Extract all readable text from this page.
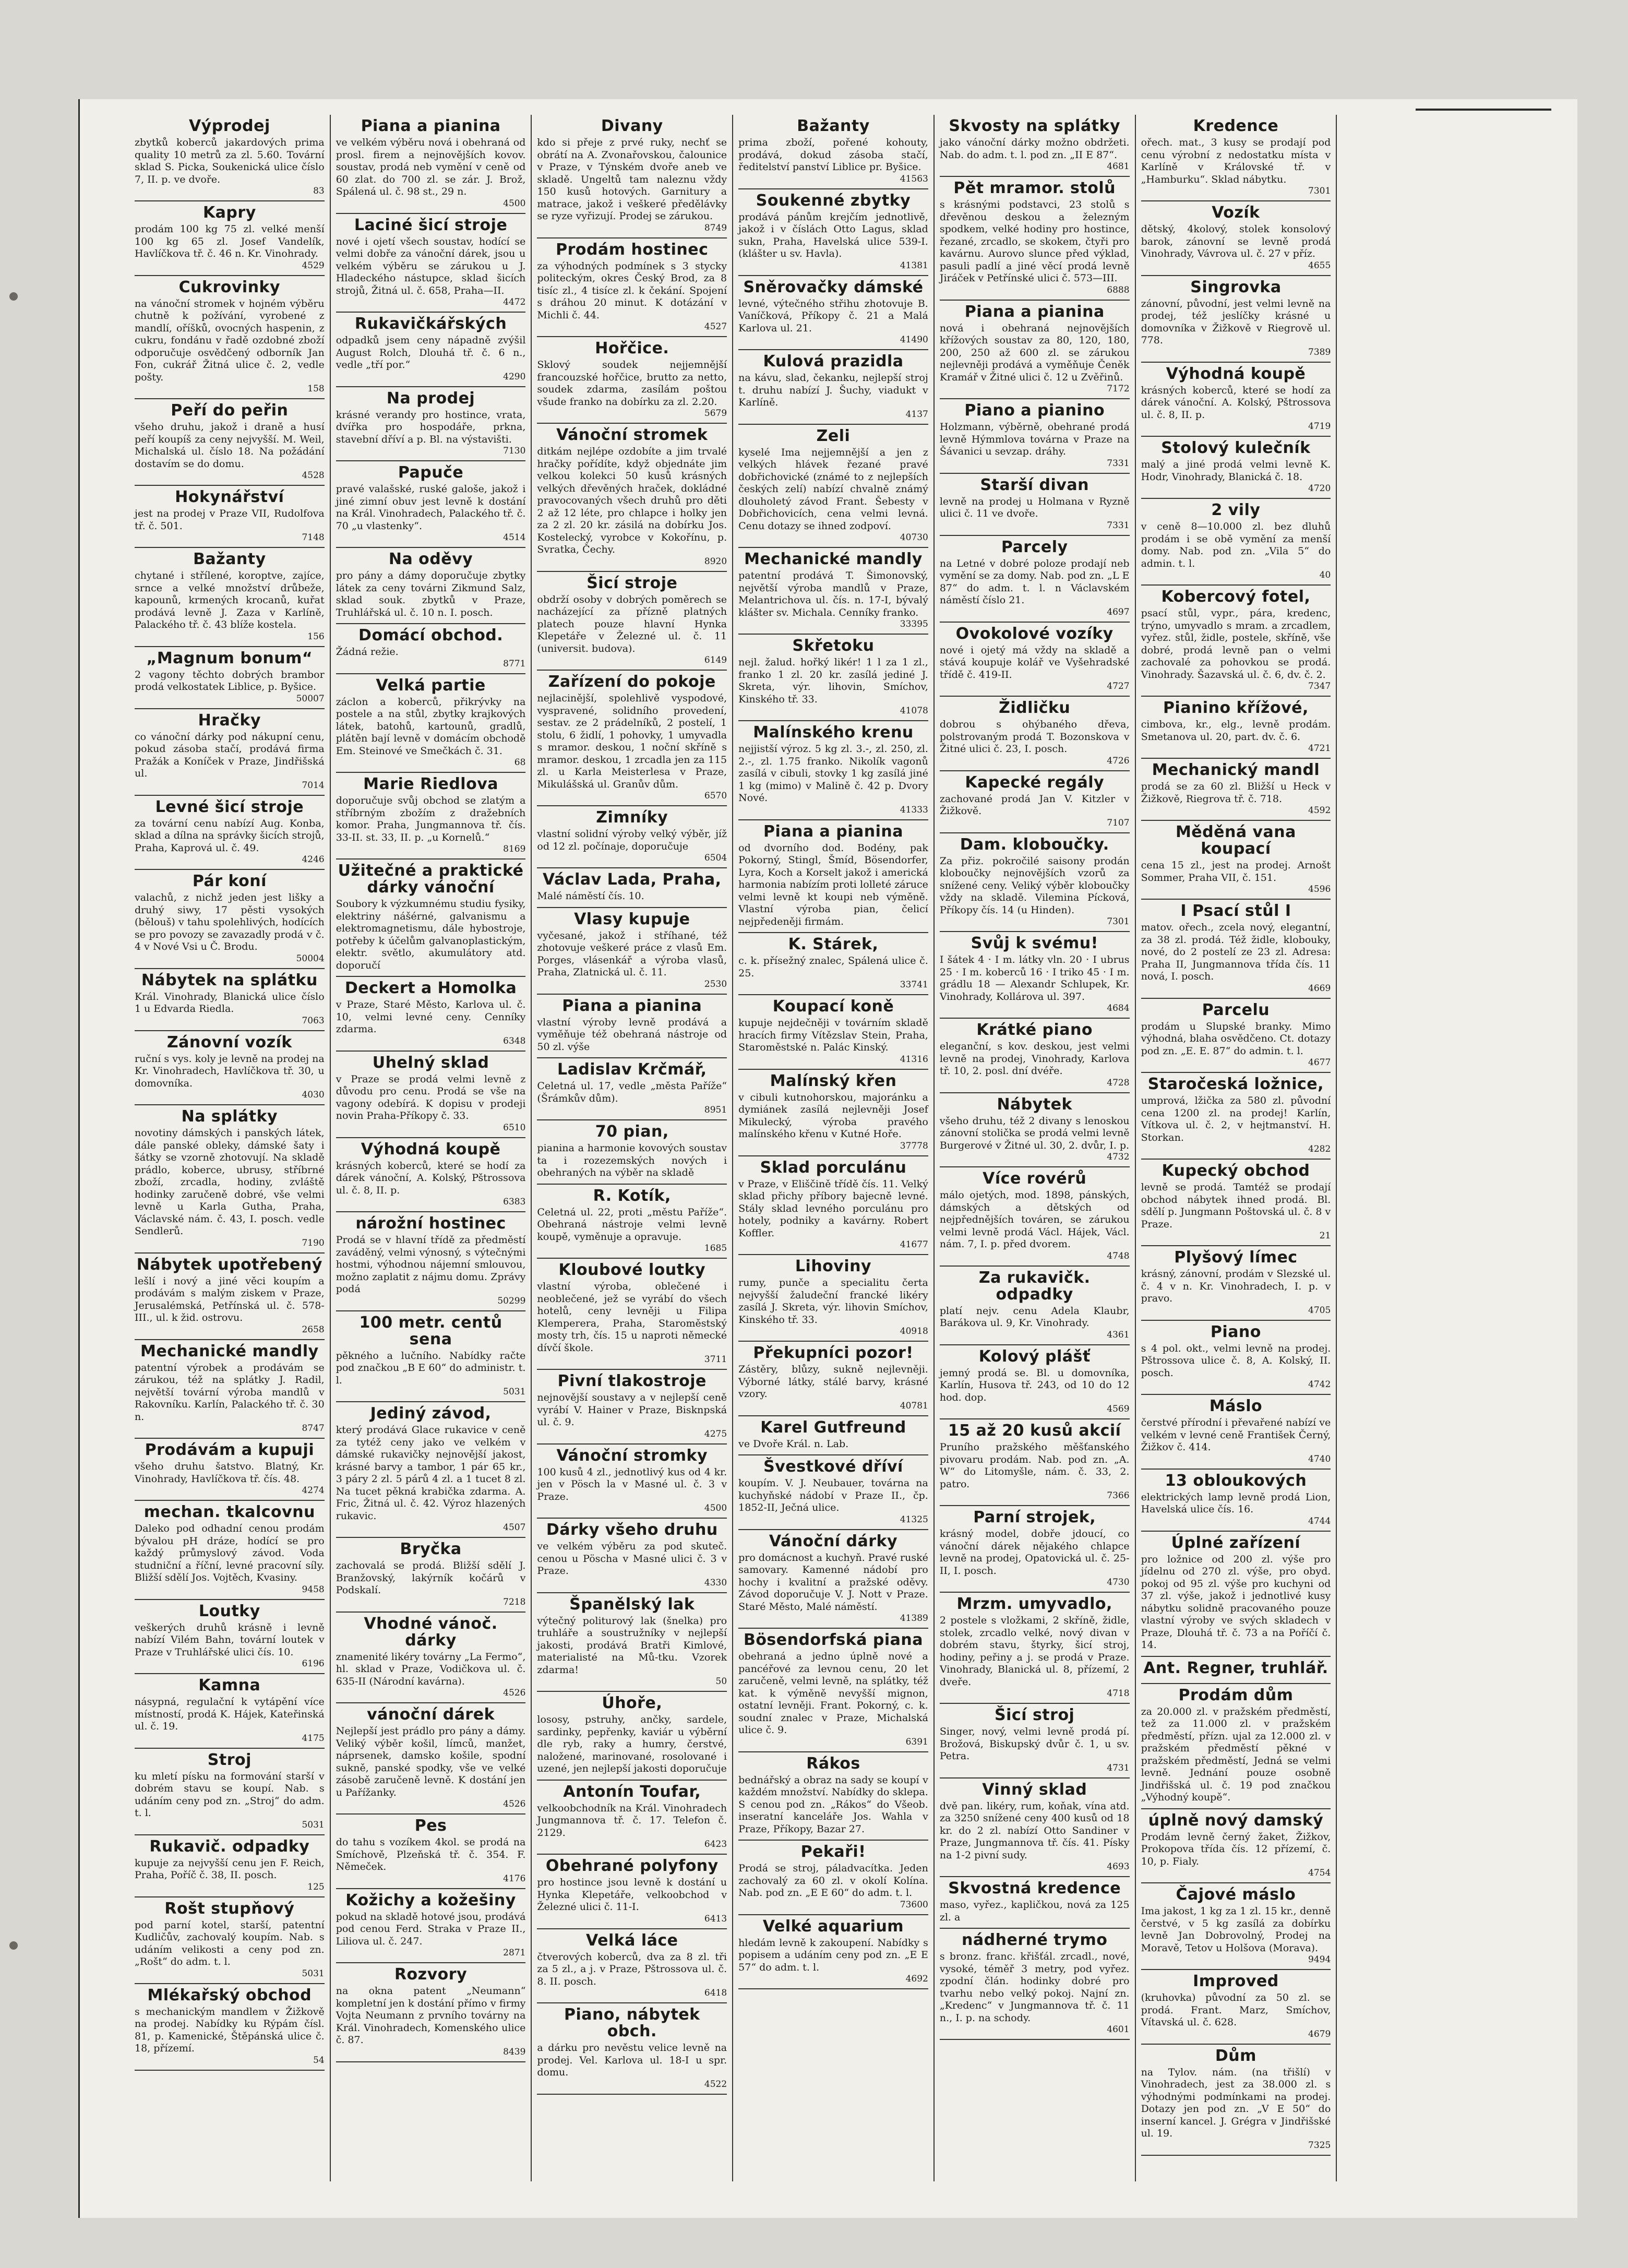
Výprodej

zbytků koberců jakardových prima quality 10 metrů za zl. 5.60. Tovární sklad S. Picka, Soukenická ulice číslo 7, II. p. ve dvoře.

83
Kapry

prodám 100 kg 75 zl. velké menší 100 kg 65 zl. Josef Vandelík, Havlíčkova tř. č. 46 n. Kr. Vinohrady.

4529
Cukrovinky

na vánoční stromek v hojném výběru chutně k požívání, vyrobené z mandlí, oříšků, ovocných haspenin, z cukru, fondánu v řadě ozdobné zboží odporučuje osvědčený odborník Jan Fon, cukrář Žitná ulice č. 2, vedle pošty.

158
Peří do peřin

všeho druhu, jakož i draně a husí peří koupíš za ceny nejvyšší. M. Weil, Michalská ul. číslo 18. Na požádání dostavím se do domu.

4528
Hokynářství

jest na prodej v Praze VII, Rudolfova tř. č. 501.

7148
Bažanty

chytané i střílené, koroptve, zajíce, srnce a velké množství drůbeže, kapounů, krmených krocanů, kuřat prodává levně J. Zaza v Karlíně, Palackého tř. č. 43 blíže kostela.

156
„Magnum bonum“

2 vagony těchto dobrých brambor prodá velkostatek Liblice, p. Byšice.

50007
Hračky

co vánoční dárky pod nákupní cenu, pokud zásoba stačí, prodává firma Pražák a Koníček v Praze, Jindřišská ul.

7014
Levné šicí stroje

za tovární cenu nabízí Aug. Konba, sklad a dílna na správky šicích strojů, Praha, Kaprová ul. č. 49.

4246
Pár koní

valachů, z nichž jeden jest lišky a druhý siwy, 17 pěsti vysokých (bělouš) v tahu spolehlivých, hodících se pro povozy se zavazadly prodá v č. 4 v Nové Vsi u Č. Brodu.

50004
Nábytek na splátku

Král. Vinohrady, Blanická ulice číslo 1 u Edvarda Riedla.

7063
Zánovní vozík

ruční s vys. koly je levně na prodej na Kr. Vinohradech, Havlíčkova tř. 30, u domovníka.

4030
Na splátky

novotiny dámských i panských látek, dále panské obleky, dámské šaty i šátky se vzorně zhotovují. Na skladě prádlo, koberce, ubrusy, stříbrné zboží, zrcadla, hodiny, zvláště hodinky zaručeně dobré, vše velmi levně u Karla Gutha, Praha, Václavské nám. č. 43, I. posch. vedle Sendlerů.

7190
Nábytek upotřebený

lešlí i nový a jiné věci koupím a prodávám s malým ziskem v Praze, Jerusalémská, Petřínská ul. č. 578-III., ul. k žid. ostrovu.

2658
Mechanické mandly

patentní výrobek a prodávám se zárukou, též na splátky J. Radil, největší tovární výroba mandlů v Rakovníku. Karlín, Palackého tř. č. 30 n.

8747
Prodávám a kupuji

všeho druhu šatstvo. Blatný, Kr. Vinohrady, Havlíčkova tř. čís. 48.

4274
mechan. tkalcovnu

Daleko pod odhadní cenou prodám bývalou pH dráze, hodící se pro každý průmyslový závod. Voda studniční a říční, levné pracovní síly. Bližší sdělí Jos. Vojtěch, Kvasiny.

9458
Loutky

veškerých druhů krásně i levně nabízí Vilém Bahn, tovární loutek v Praze v Truhlářské ulici čís. 10.

6196
Kamna

násypná, regulační k vytápění více místností, prodá K. Hájek, Kateřinská ul. č. 19.

4175
Stroj

ku mletí písku na formování starší v dobrém stavu se koupí. Nab. s udáním ceny pod zn. „Stroj“ do adm. t. l.

5031
Rukavič. odpadky

kupuje za nejvyšší cenu jen F. Reich, Praha, Poříč č. 38, II. posch.

125
Rošt stupňový

pod parní kotel, starší, patentní Kudličův, zachovalý koupím. Nab. s udáním velikosti a ceny pod zn. „Rošt“ do adm. t. l.

5031
Mlékařský obchod

s mechanickým mandlem v Žižkově na prodej. Nabídky ku Rýpám čísl. 81, p. Kamenické, Štěpánská ulice č. 18, přízemí.

54
Piana a pianina

ve velkém výběru nová i obehraná od prosl. firem a nejnovějších kovov. soustav, prodá neb vymění v ceně od 60 zlat. do 700 zl. se zár. J. Brož, Spálená ul. č. 98 st., 29 n.

4500
Laciné šicí stroje

nové i ojetí všech soustav, hodící se velmi dobře za vánoční dárek, jsou u velkém výběru se zárukou u J. Hladeckého nástupce, sklad šicích strojů, Žitná ul. č. 658, Praha—II.

4472
Rukavičkářských

odpadků jsem ceny nápadně zvýšil August Rolch, Dlouhá tř. č. 6 n., vedle „tří por.“

4290
Na prodej

krásné verandy pro hostince, vrata, dvířka pro hospodáře, prkna, stavební dříví a p. Bl. na výstavišti.

7130
Papuče

pravé valašské, ruské galoše, jakož i jiné zimní obuv jest levně k dostání na Král. Vinohradech, Palackého tř. č. 70 „u vlastenky“.

4514
Na oděvy

pro pány a dámy doporučuje zbytky látek za ceny továrni Zikmund Salz, sklad souk. zbytků v Praze, Truhlářská ul. č. 10 n. I. posch.

Domácí obchod.

Žádná režie.

8771
Velká partie

záclon a koberců, přikrývky na postele a na stůl, zbytky krajkových látek, batohů, kartounů, gradlů, plátěn bají levně v domácím obchodě Em. Steinové ve Smečkách č. 31.

68
Marie Riedlova

doporučuje svůj obchod se zlatým a stříbrným zbožím z dražebních komor. Praha, Jungmannova tř. čís. 33-II. st. 33, II. p. „u Kornelů.“

8169
Užitečné a praktické dárky vánoční

Soubory k výzkumnému studiu fysiky, elektriny nášérné, galvanismu a elektromagnetismu, dále hybostroje, potřeby k účelům galvanoplastickým, elektr. světlo, akumulátory atd. doporučí

Deckert a Homolka

v Praze, Staré Město, Karlova ul. č. 10, velmi levné ceny. Cenníky zdarma.

6348
Uhelný sklad

v Praze se prodá velmi levně z důvodu pro cenu. Prodá se vše na vagony odebírá. K dopisu v prodeji novin Praha-Příkopy č. 33.

6510
Výhodná koupě

krásných koberců, které se hodí za dárek vánoční, A. Kolský, Pštrossova ul. č. 8, II. p.

6383
nárožní hostinec

Prodá se v hlavní třídě za předměstí zaváděný, velmi výnosný, s výtečnými hostmi, výhodnou nájemní smlouvou, možno zaplatit z nájmu domu. Zprávy podá

50299
100 metr. centů sena

pěkného a lučního. Nabídky račte pod značkou „B E 60“ do administr. t. l.

5031
Jediný závod,

který prodává Glace rukavice v ceně za tytéž ceny jako ve velkém v dámské rukavičky nejnovější jakost, krásné barvy a tambor, 1 pár 65 kr., 3 páry 2 zl. 5 párů 4 zl. a 1 tucet 8 zl. Na tucet pěkná krabička zdarma. A. Fric, Žitná ul. č. 42. Výroz hlazených rukavic.

4507
Bryčka

zachovalá se prodá. Bližší sdělí J. Branžovský, lakýrník kočárů v Podskalí.

7218
Vhodné vánoč. dárky

znamenité likéry továrny „La Fermo“, hl. sklad v Praze, Vodičkova ul. č. 635-II (Národní kavárna).

4526
vánoční dárek

Nejlepší jest prádlo pro pány a dámy. Veliký výběr košil, límců, manžet, náprsenek, damsko košile, spodní sukně, panské spodky, vše ve velké zásobě zaručeně levně. K dostání jen u Pařížanky.

4526
Pes

do tahu s vozíkem 4kol. se prodá na Smíchově, Plzeňská tř. č. 354. F. Němeček.

4176
Kožichy a kožešiny

pokud na skladě hotové jsou, prodává pod cenou Ferd. Straka v Praze II., Liliova ul. č. 247.

2871
Rozvory

na okna patent „Neumann“ kompletní jen k dostání přímo v firmy Vojta Neumann z prvního továrny na Král. Vinohradech, Komenského ulice č. 87.

8439
Divany

kdo si přeje z prvé ruky, nechť se obrátí na A. Zvonařovskou, čalounice v Praze, v Týnském dvoře aneb ve skladě. Ungeltů tam naleznu vždy 150 kusů hotových. Garnitury a matrace, jakož i veškeré předělávky se ryze vyřizují. Prodej se zárukou.

8749
Prodám hostinec

za výhodných podmínek s 3 stycky politeckým, okres Český Brod, za 8 tisíc zl., 4 tisíce zl. k čekání. Spojení s dráhou 20 minut. K dotázání v Michli č. 44.

4527
Hořčice.

Sklový soudek nejjemnější francouzské hořčice, brutto za netto, soudek zdarma, zasílám poštou všude franko na dobírku za zl. 2.20.

5679
Vánoční stromek

ditkám nejlépe ozdobíte a jim trvalé hračky pořídíte, když objednáte jim velkou kolekci 50 kusů krásných velkých dřevěných hraček, dokládné pravocovaných všech druhů pro děti 2 až 12 léte, pro chlapce i holky jen za 2 zl. 20 kr. zásilá na dobírku Jos. Kostelecký, vyrobce v Kokořínu, p. Svratka, Čechy.

8920
Šicí stroje

obdrží osoby v dobrých poměrech se nacházející za přízně platných platech pouze hlavní Hynka Klepetáře v Železné ul. č. 11 (universit. budova).

6149
Zařízení do pokoje

nejlacinější, spolehlivě vyspodové, vyspravené, solidního provedení, sestav. ze 2 prádelníků, 2 postelí, 1 stolu, 6 židlí, 1 pohovky, 1 umyvadla s mramor. deskou, 1 noční skříně s mramor. deskou, 1 zrcadla jen za 115 zl. u Karla Meisterlesa v Praze, Mikulášská ul. Granův dům.

6570
Zimníky

vlastní solidní výroby velký výběr, jíž od 12 zl. počínaje, doporučuje

6504
Václav Lada, Praha,

Malé náměstí čís. 10.

Vlasy kupuje

vyčesané, jakož i stříhané, též zhotovuje veškeré práce z vlasů Em. Porges, vlásenkář a výroba vlasů, Praha, Zlatnická ul. č. 11.

2530
Piana a pianina

vlastní výroby levně prodává a vyměňuje též obehraná nástroje od 50 zl. výše

Ladislav Krčmář,

Celetná ul. 17, vedle „města Paříže“ (Šrámkův dům).

8951
70 pian,

pianina a harmonie kovových soustav ta i rozezemských nových i obehraných na výběr na skladě

R. Kotík,

Celetná ul. 22, proti „městu Paříže“. Obehraná nástroje velmi levně koupě, vyměnuje a opravuje.

1685
Kloubové loutky

vlastní výroba, oblečené i neoblečené, jež se vyrábí do všech hotelů, ceny levněji u Filipa Klemperera, Praha, Staroměstský mosty trh, čís. 15 u naproti německé dívčí škole.

3711
Pivní tlakostroje

nejnovější soustavy a v nejlepší ceně vyrábí V. Hainer v Praze, Bisknpská ul. č. 9.

4275
Vánoční stromky

100 kusů 4 zl., jednotlivý kus od 4 kr. jen v Pösch la v Masné ul. č. 3 v Praze.

4500
Dárky všeho druhu

ve velkém výběru za pod skuteč. cenou u Pöscha v Masné ulici č. 3 v Praze.

4330
Španělský lak

výtečný politurový lak (šnelka) pro truhláře a soustružníky v nejlepší jakosti, prodává Bratři Kimlové, materialisté na Mů-tku. Vzorek zdarma!

50
Úhoře,

lososy, pstruhy, ančky, sardele, sardinky, pepřenky, kaviár u výběrní dle ryb, raky a humry, čerstvé, naložené, marinované, rosolované i uzené, jen nejlepší jakosti doporučuje

Antonín Toufar,

velkoobchodník na Král. Vinohradech Jungmannova tř. č. 17. Telefon č. 2129.

6423
Obehrané polyfony

pro hostince jsou levně k dostání u Hynka Klepetáře, velkoobchod v Železné ulici č. 11-I.

6413
Velká láce

čtverových koberců, dva za 8 zl. tři za 5 zl., a j. v Praze, Pštrossova ul. č. 8. II. posch.

6418
Piano, nábytek obch.

a dárku pro nevěstu velice levně na prodej. Vel. Karlova ul. 18-I u spr. domu.

4522
Bažanty

prima zboží, pořené kohouty, prodává, dokud zásoba stačí, ředitelství panství Liblice pr. Byšice.

41563
Soukenné zbytky

prodává pánům krejčím jednotlivě, jakož i v číslách Otto Lagus, sklad sukn, Praha, Havelská ulice 539-I. (klášter u sv. Havla).

41381
Sněrovačky dámské

levné, výtečného střihu zhotovuje B. Vaníčková, Příkopy č. 21 a Malá Karlova ul. 21.

41490
Kulová prazidla

na kávu, slad, čekanku, nejlepší stroj t. druhu nabízí J. Šuchy, viadukt v Karlíně.

4137
Zeli

kyselé Ima nejjemnější a jen z velkých hlávek řezané pravé dobřichovické (známé to z nejlepších českých zelí) nabízí chvalně známý dlouholetý závod Frant. Šebesty v Dobřichovicích, cena velmi levná. Cenu dotazy se ihned zodpoví.

40730
Mechanické mandly

patentní prodává T. Šimonovský, největší výroba mandlů v Praze, Melantrichova ul. čís. n. 17-I, bývalý klášter sv. Michala. Cenníky franko.

33395
Skřetoku

nejl. žalud. hořký likér! 1 l za 1 zl., franko 1 zl. 20 kr. zasílá jediné J. Skreta, výr. lihovin, Smíchov, Kinského tř. 33.

41078
Malínského krenu

nejjistší výroz. 5 kg zl. 3.-, zl. 250, zl. 2.-, zl. 1.75 franko. Nikolík vagonů zasílá v cibuli, stovky 1 kg zasílá jiné 1 kg (mimo) v Malině č. 42 p. Dvory Nové.

41333
Piana a pianina

od dvorního dod. Bodény, pak Pokorný, Stingl, Šmíd, Bösendorfer, Lyra, Koch a Korselt jakož i americká harmonia nabízím proti lolleté záruce velmi levně kt koupi neb výměně. Vlastní výroba pian, čelicí nejpředeněji firmám.

K. Stárek,

c. k. přísežný znalec, Spálená ulice č. 25.

33741
Koupací koně

kupuje nejdečněji v továrním skladě hracích firmy Vítězslav Stein, Praha, Staroměstské n. Palác Kinský.

41316
Malínský křen

v cibuli kutnohorskou, majoránku a dymiánek zasílá nejlevněji Josef Mikulecký, výroba pravého malínského křenu v Kutné Hoře.

37778
Sklad porculánu

v Praze, v Eliščině třídě čís. 11. Velký sklad přichy příbory bajecně levné. Stály sklad levného porculánu pro hotely, podniky a kavárny. Robert Koffler.

41677
Lihoviny

rumy, punče a specialitu čerta nejvyšší žaludeční francké likéry zasílá J. Skreta, výr. lihovin Smíchov, Kinského tř. 33.

40918
Překupníci pozor!

Zástěry, blůzy, sukně nejlevněji. Výborné látky, stálé barvy, krásné vzory.

40781
Karel Gutfreund

ve Dvoře Král. n. Lab.

Švestkové dříví

koupím. V. J. Neubauer, továrna na kuchyňské nádobí v Praze II., čp. 1852-II, Ječná ulice.

41325
Vánoční dárky

pro domácnost a kuchyň. Pravé ruské samovary. Kamenné nádobí pro hochy i kvalitní a pražské oděvy. Závod doporučuje V. J. Nott v Praze. Staré Město, Malé náměstí.

41389
Bösendorfská piana

obehraná a jedno úplně nové a pancéřové za levnou cenu, 20 let zaručeně, velmi levně, na splátky, též kat. k výměně nevyšší mignon, ostatní levněji. Frant. Pokorný, c. k. soudní znalec v Praze, Michalská ulice č. 9.

6391
Rákos

bednářský a obraz na sady se koupí v každém množství. Nabídky do sklepa. S cenou pod zn. „Rákos“ do Všeob. inseratní kanceláře Jos. Wahla v Praze, Příkopy, Bazar 27.

Pekaři!

Prodá se stroj, páladvacítka. Jeden zachovalý za 60 zl. v okolí Kolína. Nab. pod zn. „E E 60“ do adm. t. l.

73600
Velké aquarium

hledám levně k zakoupení. Nabídky s popisem a udáním ceny pod zn. „E E 57“ do adm. t. l.

4692
Skvosty na splátky

jako vánoční dárky možno obdržeti. Nab. do adm. t. l. pod zn. „II E 87“.

4681
Pět mramor. stolů

s krásnými podstavci, 23 stolů s dřevěnou deskou a železným spodkem, velké hodiny pro hostince, řezané, zrcadlo, se skokem, čtyři pro kavárnu. Aurovo slunce před výklad, pasuli padlí a jiné věcí prodá levně Jiráček v Petřínské ulici č. 573—III.

6888
Piana a pianina

nová i obehraná nejnovějších křížových soustav za 80, 120, 180, 200, 250 až 600 zl. se zárukou nejlevněji prodává a vyměňuje Čeněk Kramář v Žitné ulici č. 12 u Zvěřinů.

7172
Piano a pianino

Holzmann, výběrně, obehrané prodá levně Hýmmlova továrna v Praze na Šávanici u sevzap. dráhy.

7331
Starší divan

levně na prodej u Holmana v Ryzně ulici č. 11 ve dvoře.

7331
Parcely

na Letné v dobré poloze prodají neb vymění se za domy. Nab. pod zn. „L E 87“ do adm. t. l. n Václavském náměstí číslo 21.

4697
Ovokolové vozíky

nové i ojetý má vždy na skladě a stává koupuje kolář ve Vyšehradské třídě č. 419-II.

4727
Židličku

dobrou s ohýbaného dřeva, polstrovaným prodá T. Bozonskova v Žitné ulici č. 23, I. posch.

4726
Kapecké regály

zachované prodá Jan V. Kitzler v Žižkově.

7107
Dam. kloboučky.

Za přiz. pokročilé saisony prodán kloboučky nejnovějších vzorů za snížené ceny. Veliký výběr kloboučky vždy na skladě. Vilemina Pícková, Příkopy čís. 14 (u Hinden).

7301
Svůj k svému!

I šátek 4 · I m. látky vln. 20 · I ubrus 25 · I m. koberců 16 · I triko 45 · I m. grádlu 18 — Alexandr Schlupek, Kr. Vinohrady, Kollárova ul. 397.

4684
Krátké piano

eleganční, s kov. deskou, jest velmi levně na prodej, Vinohrady, Karlova tř. 10, 2. posl. dní dvéře.

4728
Nábytek

všeho druhu, též 2 divany s lenoskou zánovní stolička se prodá velmi levně Burgerové v Žitné ul. 30, 2. dvůr, I. p.

4732
Více rovérů

málo ojetých, mod. 1898, pánských, dámských a dětských od nejpřednějších továren, se zárukou velmi levně prodá Václ. Hájek, Václ. nám. 7, I. p. před dvorem.

4748
Za rukavičk. odpadky

platí nejv. cenu Adela Klaubr, Barákova ul. 9, Kr. Vinohrady.

4361
Kolový plášť

jemný prodá se. Bl. u domovníka, Karlín, Husova tř. 243, od 10 do 12 hod. dop.

4569
15 až 20 kusů akcií

Pruního pražského měšťanského pivovaru prodám. Nab. pod zn. „A. W“ do Litomyšle, nám. č. 33, 2. patro.

7366
Parní strojek,

krásný model, dobře jdoucí, co vánoční dárek nějakého chlapce levně na prodej, Opatovická ul. č. 25-II, I. posch.

4730
Mrzm. umyvadlo,

2 postele s vložkami, 2 skříně, židle, stolek, zrcadlo velké, nový divan v dobrém stavu, štyrky, šicí stroj, hodiny, peřiny a j. se prodá v Praze. Vinohrady, Blanická ul. 8, přízemí, 2 dveře.

4718
Šicí stroj

Singer, nový, velmi levně prodá pí. Brožová, Biskupský dvůr č. 1, u sv. Petra.

4731
Vinný sklad

dvě pan. likéry, rum, koňak, vína atd. za 3250 snížené ceny 400 kusů od 18 kr. do 2 zl. nabízí Otto Sandiner v Praze, Jungmannova tř. čís. 41. Písky na 1-2 pivní sudy.

4693
Skvostná kredence

maso, vyřez., kapličkou, nová za 125 zl. a

nádherné trymo

s bronz. franc. křišťál. zrcadl., nové, vysoké, téměř 3 metry, pod vyřez. zpodní člán. hodinky dobré pro tvarhu nebo velký pokoj. Najní zn. „Kredenc“ v Jungmannova tř. č. 11 n., I. p. na schody.

4601
Kredence

ořech. mat., 3 kusy se prodají pod cenu výrobní z nedostatku místa v Karlíně v Královské tř. v „Hamburku“. Sklad nábytku.

7301
Vozík

dětský, 4kolový, stolek konsolový barok, zánovní se levně prodá Vinohrady, Vávrova ul. č. 27 v příz.

4655
Singrovka

zánovní, původní, jest velmi levně na prodej, též jeslíčky krásné u domovníka v Žižkově v Riegrově ul. 778.

7389
Výhodná koupě

krásných koberců, které se hodí za dárek vánoční. A. Kolský, Pštrossova ul. č. 8, II. p.

4719
Stolový kulečník

malý a jiné prodá velmi levně K. Hodr, Vinohrady, Blanická č. 18.

4720
2 vily

v ceně 8—10.000 zl. bez dluhů prodám i se obě vymění za menší domy. Nab. pod zn. „Vila 5“ do admin. t. l.

40
Kobercový fotel,

psací stůl, vypr., pára, kredenc, trýno, umyvadlo s mram. a zrcadlem, vyřez. stůl, židle, postele, skříně, vše dobré, prodá levně pan o velmi zachovalé za pohovkou se prodá. Vinohrady. Šazavská ul. č. 6, dv. č. 2.

7347
Pianino křížové,

cimbova, kr., elg., levně prodám. Smetanova ul. 20, part. dv. č. 6.

4721
Mechanický mandl

prodá se za 60 zl. Bližší u Heck v Žižkově, Riegrova tř. č. 718.

4592
Měděná vana koupací

cena 15 zl., jest na prodej. Arnošt Sommer, Praha VII, č. 151.

4596
I Psací stůl I

matov. ořech., zcela nový, elegantní, za 38 zl. prodá. Též židle, klobouky, nové, do 2 postelí ze 23 zl. Adresa: Praha II, Jungmannova třída čís. 11 nová, I. posch.

4669
Parcelu

prodám u Slupské branky. Mimo výhodná, blaha osvědčeno. Ct. dotazy pod zn. „E. E. 87“ do admin. t. l.

4677
Staročeská ložnice,

umprová, lžička za 580 zl. původní cena 1200 zl. na prodej! Karlín, Vítkova ul. č. 2, v hejtmanství. H. Storkan.

4282
Kupecký obchod

levně se prodá. Tamtéž se prodají obchod nábytek ihned prodá. Bl. sdělí p. Jungmann Poštovská ul. č. 8 v Praze.

21
Plyšový límec

krásný, zánovní, prodám v Slezské ul. č. 4 v n. Kr. Vinohradech, I. p. v pravo.

4705
Piano

s 4 pol. okt., velmi levně na prodej. Pštrossova ulice č. 8, A. Kolský, II. posch.

4742
Máslo

čerstvé přírodní i převařené nabízí ve velkém v levné ceně František Černý, Žižkov č. 414.

4740
13 obloukových

elektrických lamp levně prodá Lion, Havelská ulice čís. 16.

4744
Úplné zařízení

pro ložnice od 200 zl. výše pro jídelnu od 270 zl. výše, pro obyd. pokoj od 95 zl. výše pro kuchyni od 37 zl. výše, jakož i jednotlivé kusy nábytku solidně pracovaného pouze vlastní výroby ve svých skladech v Praze, Dlouhá tř. č. 73 a na Poříčí č. 14.

Ant. Regner, truhlář.

Prodám dům

za 20.000 zl. v pražském předměstí, tež za 11.000 zl. v pražském předměstí, přízn. ujal za 12.000 zl. v pražském předměstí pěkné v pražském předměstí, Jedná se velmi levně. Jednání pouze osobně Jindřišská ul. č. 19 pod značkou „Výhodný koupě“.

úplně nový damský

Prodám levně černý žaket, Žižkov, Prokopova třída čís. 12 přízemí, č. 10, p. Fialy.

4754
Čajové máslo

Ima jakost, 1 kg za 1 zl. 15 kr., denně čerstvé, v 5 kg zasílá za dobírku levně Jan Dobrovolný, Prodej na Moravě, Tetov u Holšova (Morava).

9494
Improved

(kruhovka) původní za 50 zl. se prodá. Frant. Marz, Smíchov, Vítavská ul. č. 628.

4679
Dům

na Tylov. nám. (na třišlí) v Vinohradech, jest za 38.000 zl. s výhodnými podmínkami na prodej. Dotazy jen pod zn. „V E 50“ do inserní kancel. J. Grégra v Jindřišské ul. 19.

7325
